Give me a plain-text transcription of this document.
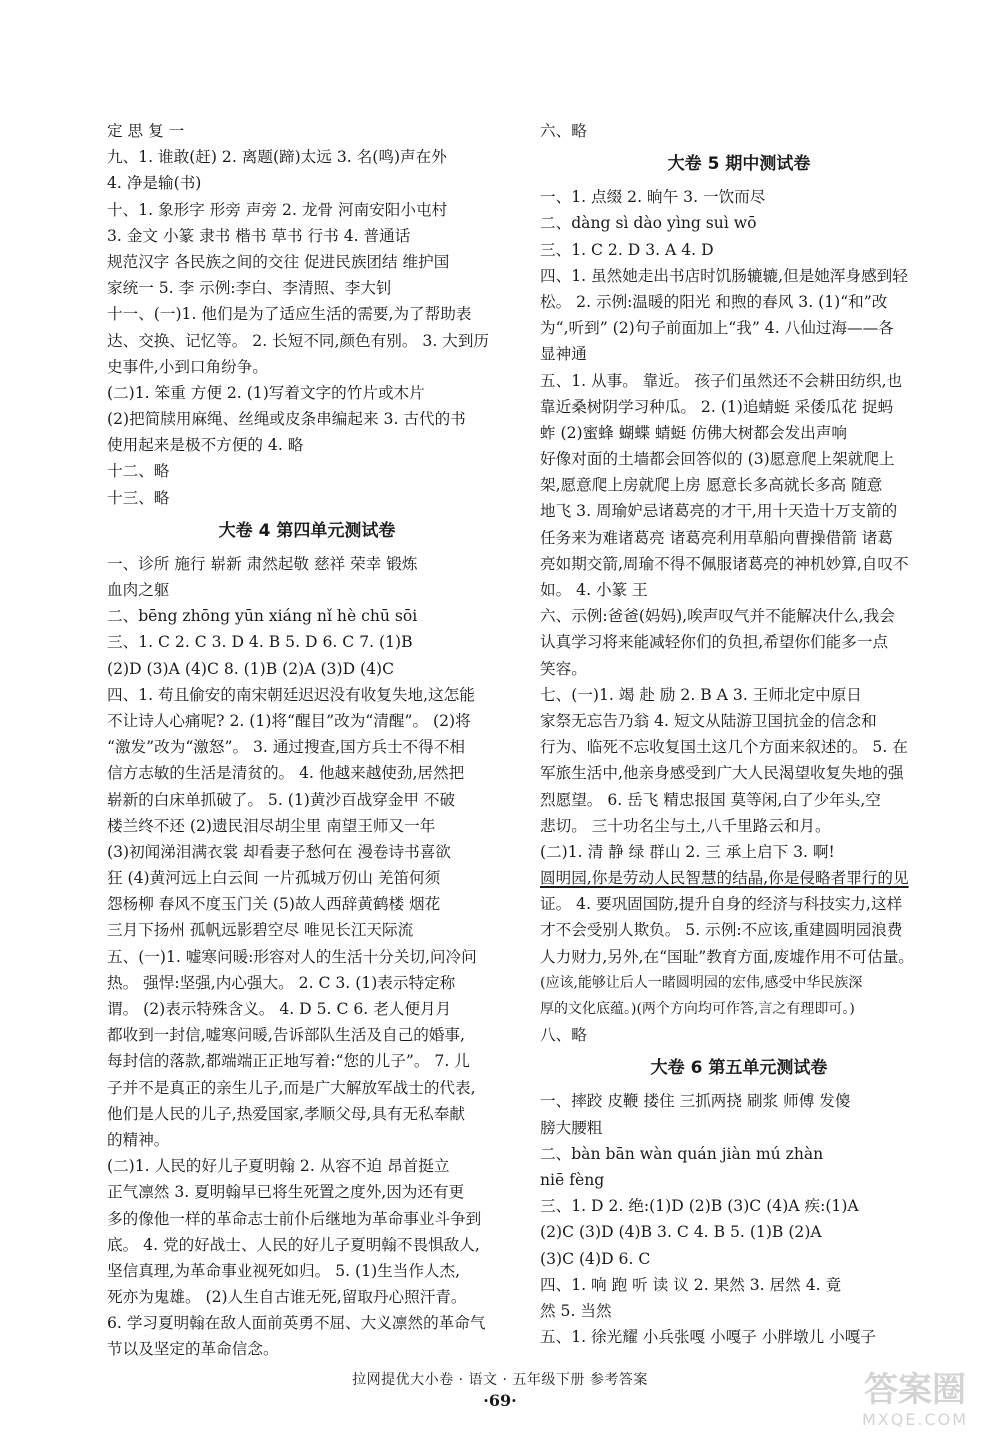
定 思 复 一
九、1. 谁敢(赶) 2. 离题(蹄)太远 3. 名(鸣)声在外
4. 净是输(书)
十、1. 象形字 形旁 声旁 2. 龙骨 河南安阳小屯村
3. 金文 小篆 隶书 楷书 草书 行书 4. 普通话
规范汉字 各民族之间的交往 促进民族团结 维护国
家统一 5. 李 示例:李白、李清照、李大钊
十一、(一)1. 他们是为了适应生活的需要,为了帮助表
达、交换、记忆等。 2. 长短不同,颜色有别。 3. 大到历
史事件,小到口角纷争。
(二)1. 笨重 方便 2. (1)写着文字的竹片或木片
(2)把简牍用麻绳、丝绳或皮条串编起来 3. 古代的书
使用起来是极不方便的 4. 略
十二、略
十三、略
大卷 4 第四单元测试卷
一、诊所 施行 崭新 肃然起敬 慈祥 荣幸 锻炼
血肉之躯
二、bēng zhōng yūn xiáng nǐ hè chū sōi
三、1. C 2. C 3. D 4. B 5. D 6. C 7. (1)B
(2)D (3)A (4)C 8. (1)B (2)A (3)D (4)C
四、1. 苟且偷安的南宋朝廷迟迟没有收复失地,这怎能
不让诗人心痛呢? 2. (1)将“醒目”改为“清醒”。 (2)将
“激发”改为“激怒”。 3. 通过搜查,国方兵士不得不相
信方志敏的生活是清贫的。 4. 他越来越使劲,居然把
崭新的白床单抓破了。 5. (1)黄沙百战穿金甲 不破
楼兰终不还 (2)遗民泪尽胡尘里 南望王师又一年
(3)初闻涕泪满衣裳 却看妻子愁何在 漫卷诗书喜欲
狂 (4)黄河远上白云间 一片孤城万仞山 羌笛何须
怨杨柳 春风不度玉门关 (5)故人西辞黄鹤楼 烟花
三月下扬州 孤帆远影碧空尽 唯见长江天际流
五、(一)1. 嘘寒问暖:形容对人的生活十分关切,问冷问
热。 强悍:坚强,内心强大。 2. C 3. (1)表示特定称
谓。 (2)表示特殊含义。 4. D 5. C 6. 老人便月月
都收到一封信,嘘寒问暖,告诉部队生活及自己的婚事,
每封信的落款,都端端正正地写着:“您的儿子”。 7. 儿
子并不是真正的亲生儿子,而是广大解放军战士的代表,
他们是人民的儿子,热爱国家,孝顺父母,具有无私奉献
的精神。
(二)1. 人民的好儿子夏明翰 2. 从容不迫 昂首挺立
正气凛然 3. 夏明翰早已将生死置之度外,因为还有更
多的像他一样的革命志士前仆后继地为革命事业斗争到
底。 4. 党的好战士、人民的好儿子夏明翰不畏惧敌人,
坚信真理,为革命事业视死如归。 5. (1)生当作人杰,
死亦为鬼雄。 (2)人生自古谁无死,留取丹心照汗青。
6. 学习夏明翰在敌人面前英勇不屈、大义凛然的革命气
节以及坚定的革命信念。
六、略
大卷 5 期中测试卷
一、1. 点缀 2. 晌午 3. 一饮而尽
二、dàng sì dào yìng suì wō
三、1. C 2. D 3. A 4. D
四、1. 虽然她走出书店时饥肠辘辘,但是她浑身感到轻
松。 2. 示例:温暖的阳光 和煦的春风 3. (1)“和”改
为“,听到” (2)句子前面加上“我” 4. 八仙过海——各
显神通
五、1. 从事。 靠近。 孩子们虽然还不会耕田纺织,也
靠近桑树阴学习种瓜。 2. (1)追蜻蜓 采倭瓜花 捉蚂
蚱 (2)蜜蜂 蝴蝶 蜻蜓 仿佛大树都会发出声响
好像对面的土墙都会回答似的 (3)愿意爬上架就爬上
架,愿意爬上房就爬上房 愿意长多高就长多高 随意
地飞 3. 周瑜妒忌诸葛亮的才干,用十天造十万支箭的
任务来为难诸葛亮 诸葛亮利用草船向曹操借箭 诸葛
亮如期交箭,周瑜不得不佩服诸葛亮的神机妙算,自叹不
如。 4. 小篆 王
六、示例:爸爸(妈妈),唉声叹气并不能解决什么,我会
认真学习将来能减轻你们的负担,希望你们能多一点
笑容。
七、(一)1. 竭 赴 励 2. B A 3. 王师北定中原日
家祭无忘告乃翁 4. 短文从陆游卫国抗金的信念和
行为、临死不忘收复国土这几个方面来叙述的。 5. 在
军旅生活中,他亲身感受到广大人民渴望收复失地的强
烈愿望。 6. 岳飞 精忠报国 莫等闲,白了少年头,空
悲切。 三十功名尘与土,八千里路云和月。
(二)1. 清 静 绿 群山 2. 三 承上启下 3. 啊!
圆明园,你是劳动人民智慧的结晶,你是侵略者罪行的见
证。 4. 要巩固国防,提升自身的经济与科技实力,这样
才不会受别人欺负。 5. 示例:不应该,重建圆明园浪费
人力财力,另外,在“国耻”教育方面,废墟作用不可估量。
(应该,能够让后人一睹圆明园的宏伟,感受中华民族深
厚的文化底蕴。)(两个方向均可作答,言之有理即可。)
八、略
大卷 6 第五单元测试卷
一、摔跤 皮鞭 搂住 三抓两挠 刷浆 师傅 发傻
膀大腰粗
二、bàn bān wàn quán jiàn mú zhàn
niē fèng
三、1. D 2. 绝:(1)D (2)B (3)C (4)A 疾:(1)A
(2)C (3)D (4)B 3. C 4. B 5. (1)B (2)A
(3)C (4)D 6. C
四、1. 响 跑 听 读 议 2. 果然 3. 居然 4. 竟
然 5. 当然
五、1. 徐光耀 小兵张嘎 小嘎子 小胖墩儿 小嘎子
拉网提优大小卷 · 语文 · 五年级下册 参考答案
·69·	答案圈
MXQE.COM
